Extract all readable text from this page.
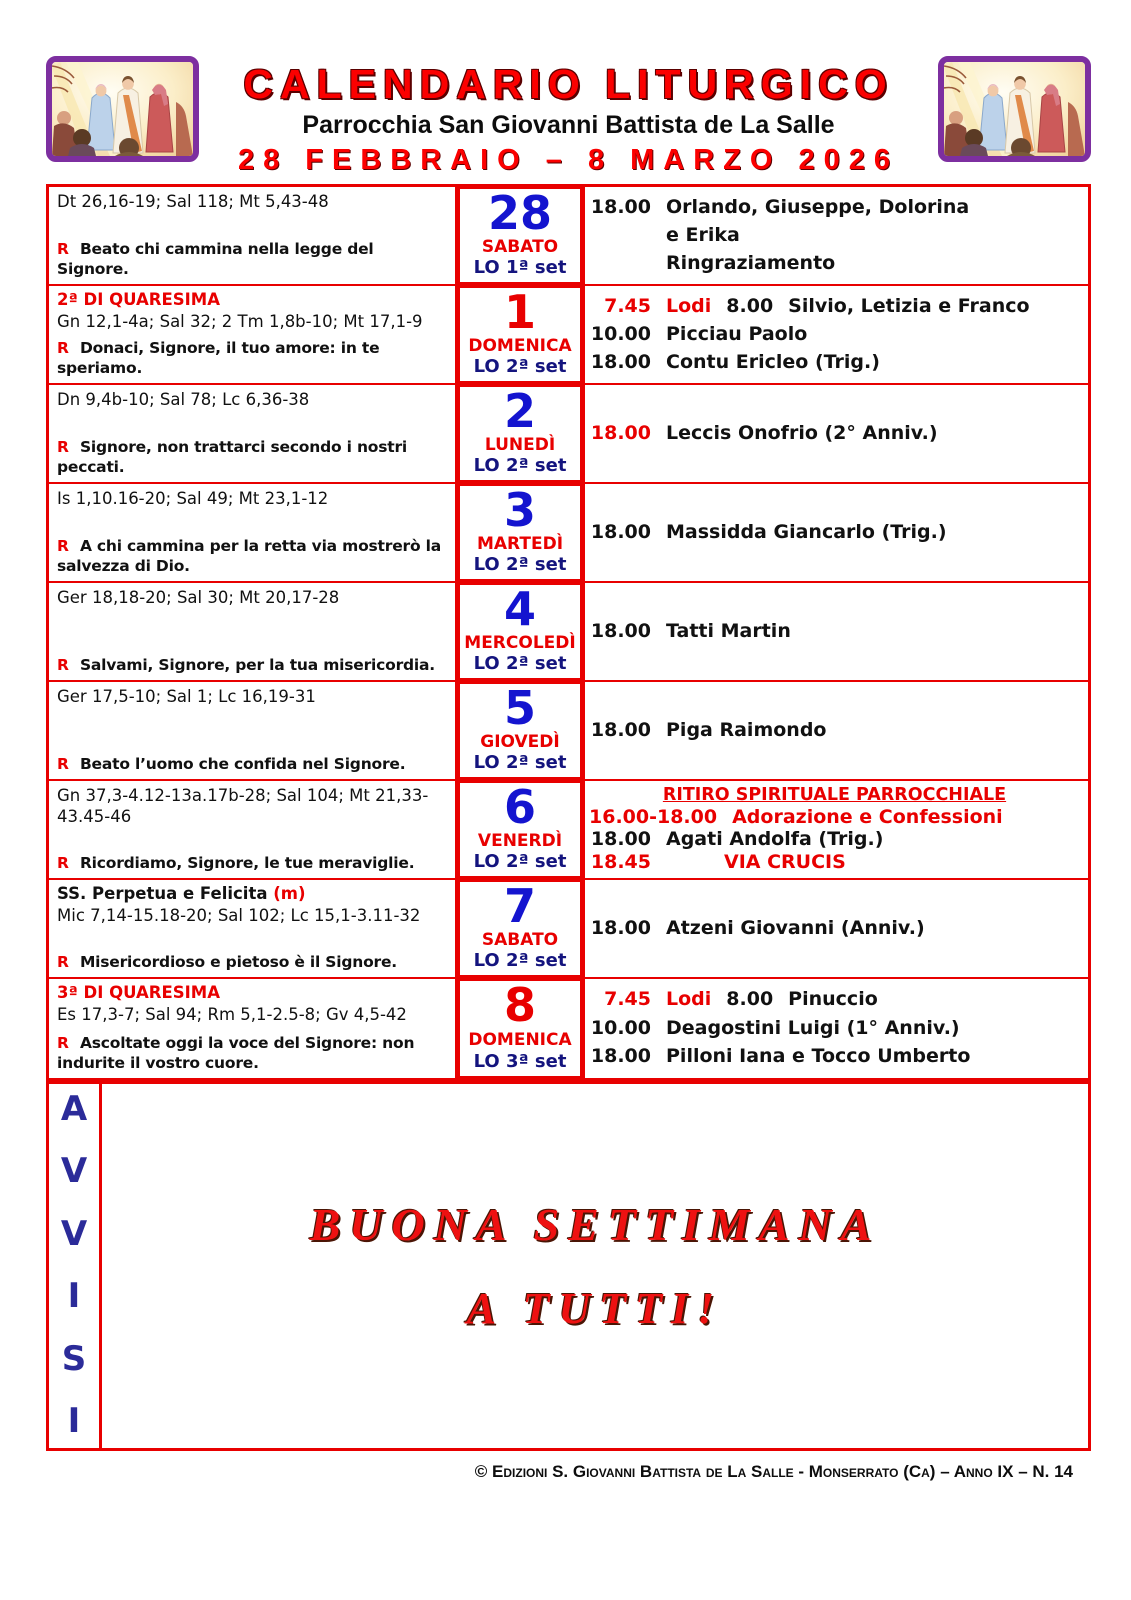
CALENDARIO LITURGICO
Parrocchia San Giovanni Battista de La Salle
28 FEBBRAIO – 8 MARZO 2026
Dt 26,16-19; Sal 118; Mt 5,43-48
R Beato chi cammina nella legge del Signore.
28
SABATO
LO 1ª set
18.00 Orlando, Giuseppe, Dolorina
e Erika
Ringraziamento
2ª DI QUARESIMA
Gn 12,1-4a; Sal 32; 2 Tm 1,8b-10; Mt 17,1-9
R Donaci, Signore, il tuo amore: in te speriamo.
1
DOMENICA
LO 2ª set
7.45 Lodi 8.00 Silvio, Letizia e Franco
10.00 Picciau Paolo
18.00 Contu Ericleo (Trig.)
Dn 9,4b-10; Sal 78; Lc 6,36-38
R Signore, non trattarci secondo i nostri peccati.
2
LUNEDÌ
LO 2ª set
18.00 Leccis Onofrio (2° Anniv.)
Is 1,10.16-20; Sal 49; Mt 23,1-12
R A chi cammina per la retta via mostrerò la salvezza di Dio.
3
MARTEDÌ
LO 2ª set
18.00 Massidda Giancarlo (Trig.)
Ger 18,18-20; Sal 30; Mt 20,17-28
R Salvami, Signore, per la tua misericordia.
4
MERCOLEDÌ
LO 2ª set
18.00 Tatti Martin
Ger 17,5-10; Sal 1; Lc 16,19-31
R Beato l’uomo che confida nel Signore.
5
GIOVEDÌ
LO 2ª set
18.00 Piga Raimondo
Gn 37,3-4.12-13a.17b-28; Sal 104; Mt 21,33-43.45-46
R Ricordiamo, Signore, le tue meraviglie.
6
VENERDÌ
LO 2ª set
RITIRO SPIRITUALE PARROCCHIALE
16.00-18.00 Adorazione e Confessioni
18.00 Agati Andolfa (Trig.)
18.45	VIA CRUCIS
SS. Perpetua e Felicita (m)
Mic 7,14-15.18-20; Sal 102; Lc 15,1-3.11-32
R Misericordioso e pietoso è il Signore.
7
SABATO
LO 2ª set
18.00 Atzeni Giovanni (Anniv.)
3ª DI QUARESIMA
Es 17,3-7; Sal 94; Rm 5,1-2.5-8; Gv 4,5-42
R Ascoltate oggi la voce del Signore: non indurite il vostro cuore.
8
DOMENICA
LO 3ª set
7.45 Lodi 8.00 Pinuccio
10.00 Deagostini Luigi (1° Anniv.)
18.00 Pilloni Iana e Tocco Umberto
A
V
V
I
S
I
BUONA SETTIMANA
A TUTTI!
© Edizioni S. Giovanni Battista de La Salle - Monserrato (Ca) – Anno IX – N. 14
